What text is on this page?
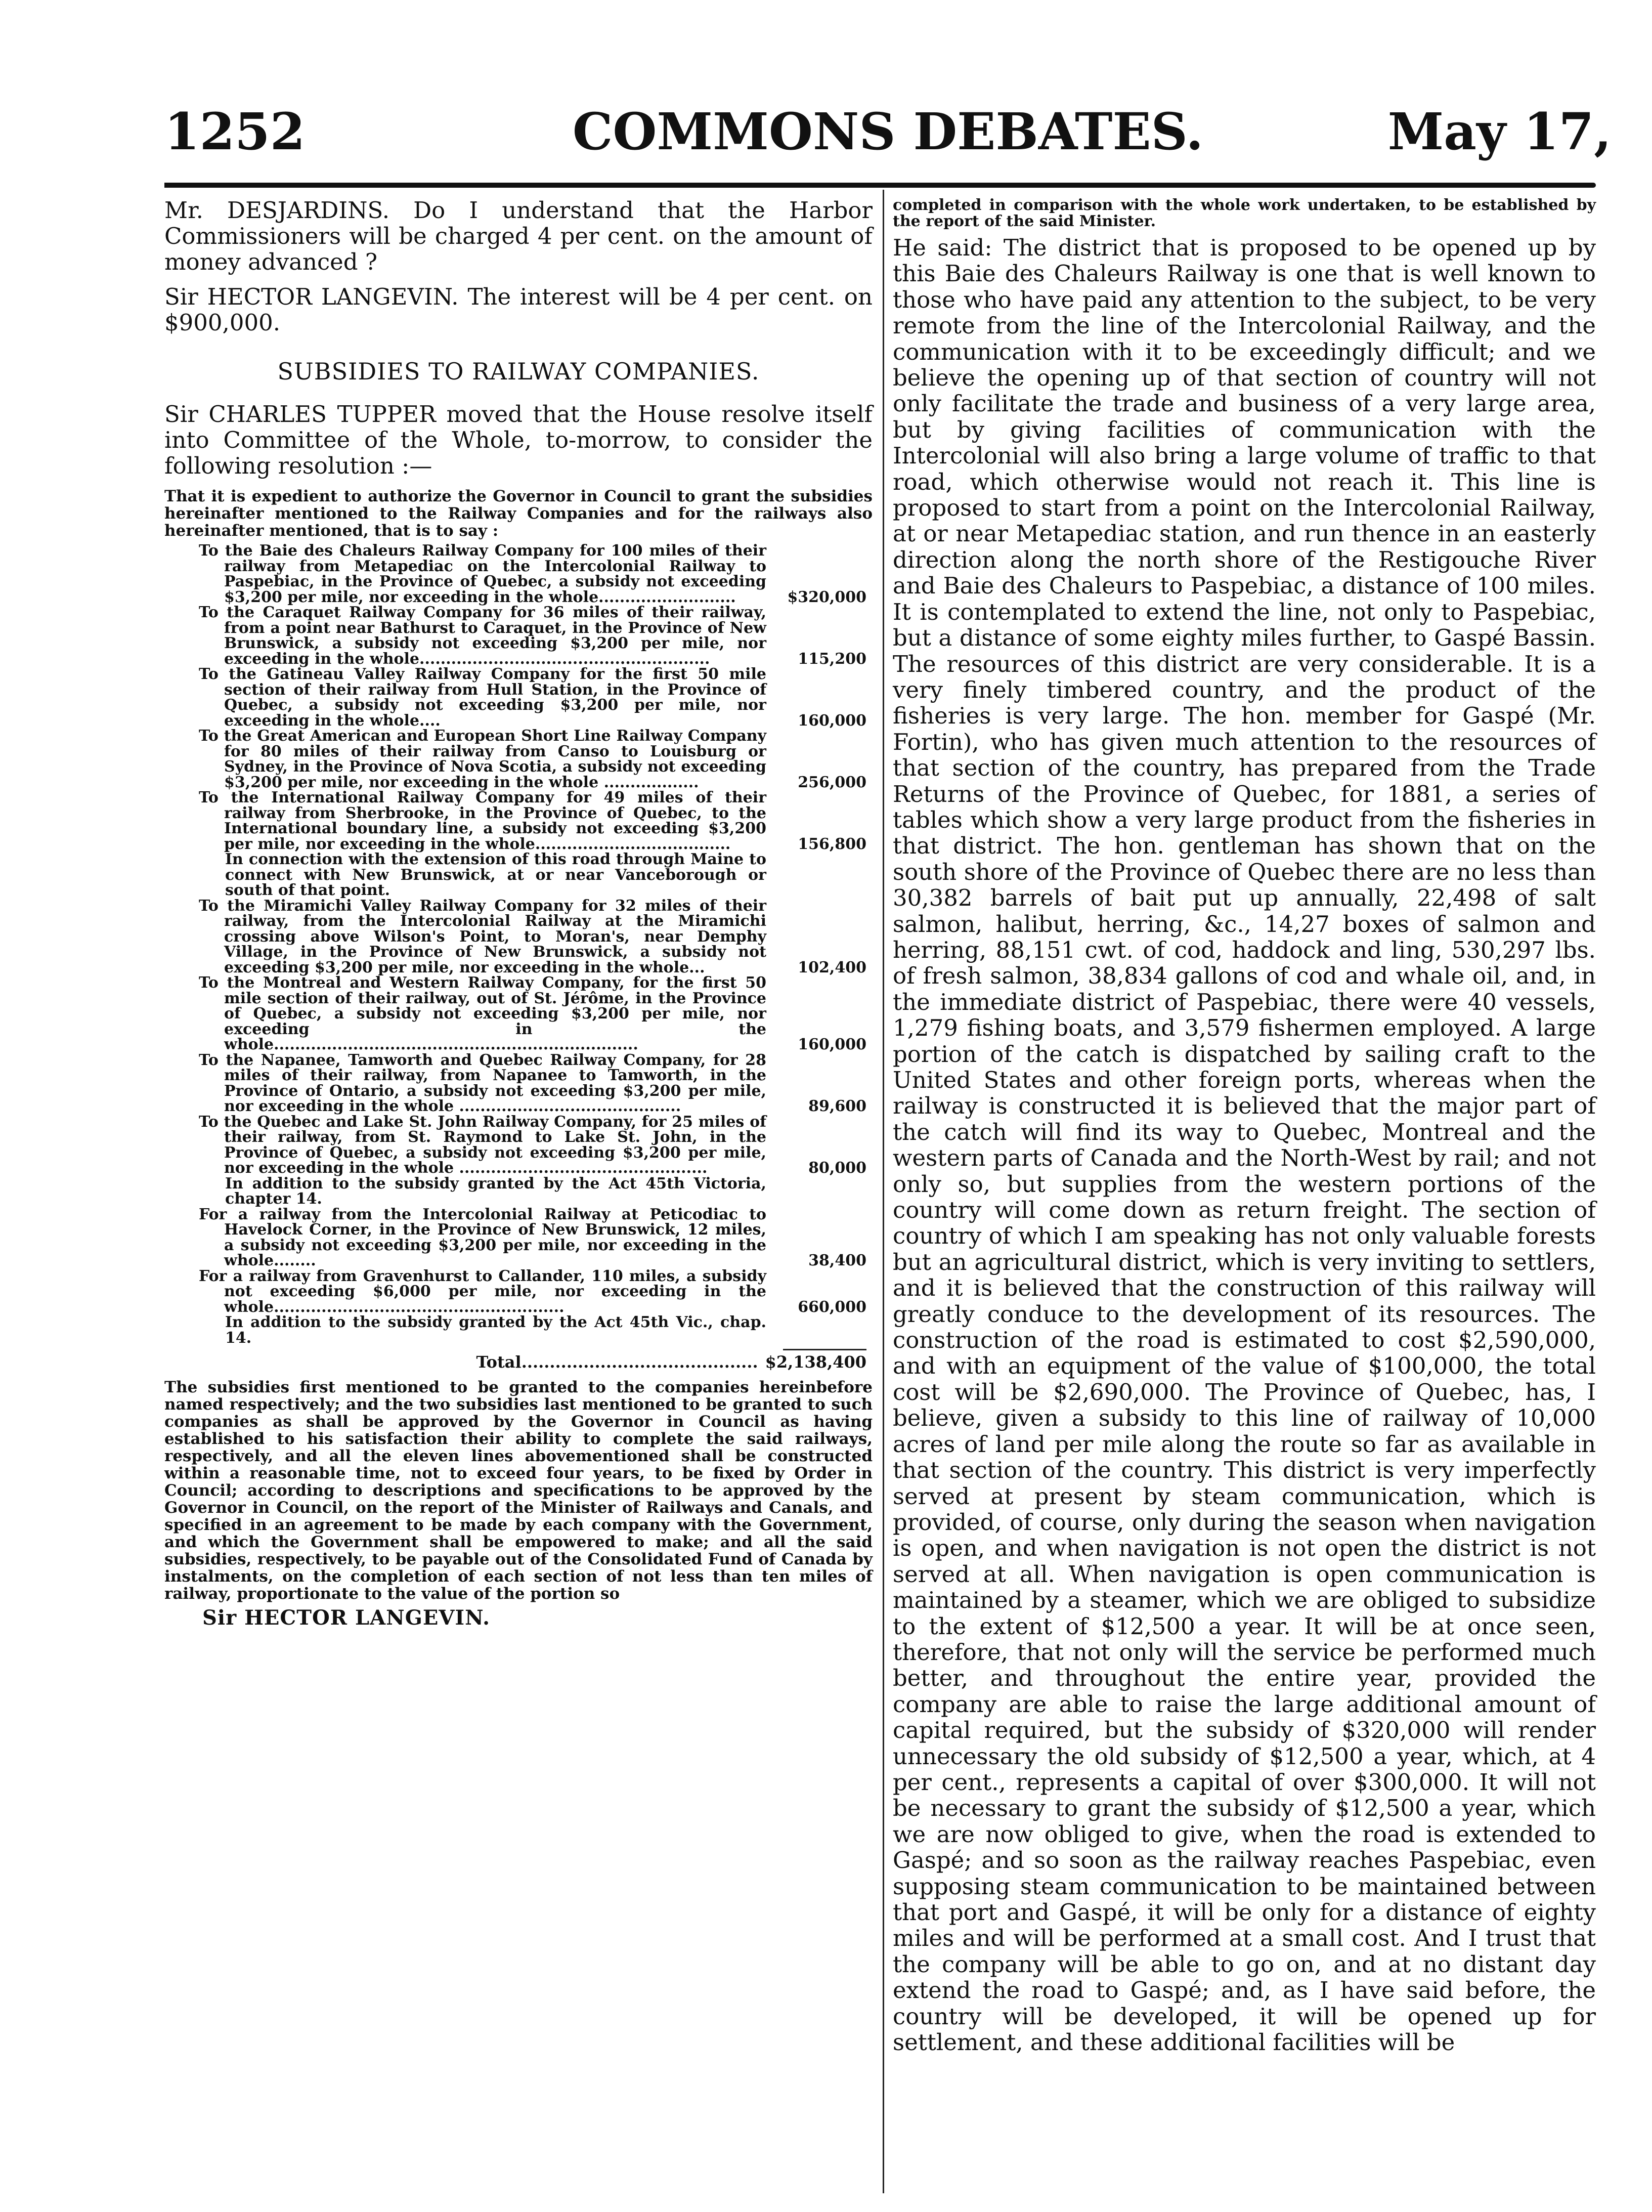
1252	COMMONS DEBATES.	May 17,

Mr. DESJARDINS. Do I understand that the Harbor Commissioners will be charged 4 per cent. on the amount of money advanced ?

Sir HECTOR LANGEVIN. The interest will be 4 per cent. on $900,000.

SUBSIDIES TO RAILWAY COMPANIES.

Sir CHARLES TUPPER moved that the House resolve itself into Committee of the Whole, to-morrow, to consider the following resolution :—

That it is expedient to authorize the Governor in Council to grant the subsidies hereinafter mentioned to the Railway Companies and for the railways also hereinafter mentioned, that is to say :

To the Baie des Chaleurs Railway Company for 100 miles of their railway from Metapediac on the Intercolonial Railway to Paspebiac, in the Province of Quebec, a subsidy not exceeding $3,200 per mile, nor exceeding in the whole..........................	$320,000
To the Caraquet Railway Company for 36 miles of their railway, from a point near Bathurst to Caraquet, in the Province of New Brunswick, a subsidy not exceeding $3,200 per mile, nor exceeding in the whole.......................................................	115,200
To the Gatineau Valley Railway Company for the first 50 mile section of their railway from Hull Station, in the Province of Quebec, a subsidy not exceeding $3,200 per mile, nor exceeding in the whole....	160,000
To the Great American and European Short Line Railway Company for 80 miles of their railway from Canso to Louisburg or Sydney, in the Province of Nova Scotia, a subsidy not exceeding $3,200 per mile, nor exceeding in the whole ..................	256,000
To the International Railway Company for 49 miles of their railway from Sherbrooke, in the Province of Quebec, to the International boundary line, a subsidy not exceeding $3,200 per mile, nor exceeding in the whole.....................................	156,800
In connection with the extension of this road through Maine to connect with New Brunswick, at or near Vanceborough or south of that point.
To the Miramichi Valley Railway Company for 32 miles of their railway, from the Intercolonial Railway at the Miramichi crossing above Wilson's Point, to Moran's, near Demphy Village, in the Province of New Brunswick, a subsidy not exceeding $3,200 per mile, nor exceeding in the whole...	102,400
To the Montreal and Western Railway Company, for the first 50 mile section of their railway, out of St. Jérôme, in the Province of Quebec, a subsidy not exceeding $3,200 per mile, nor exceeding in the whole.....................................................................	160,000
To the Napanee, Tamworth and Quebec Railway Company, for 28 miles of their railway, from Napanee to Tamworth, in the Province of Ontario, a subsidy not exceeding $3,200 per mile, nor exceeding in the whole ..........................................	89,600
To the Quebec and Lake St. John Railway Company, for 25 miles of their railway, from St. Raymond to Lake St. John, in the Province of Quebec, a subsidy not exceeding $3,200 per mile, nor exceeding in the whole ...............................................	80,000
In addition to the subsidy granted by the Act 45th Victoria, chapter 14.
For a railway from the Intercolonial Railway at Peticodiac to Havelock Corner, in the Province of New Brunswick, 12 miles, a subsidy not exceeding $3,200 per mile, nor exceeding in the whole........	38,400
For a railway from Gravenhurst to Callander, 110 miles, a subsidy not exceeding $6,000 per mile, nor exceeding in the whole.......................................................	660,000
In addition to the subsidy granted by the Act 45th Vic., chap. 14.
Total.......................................... $2,138,400

The subsidies first mentioned to be granted to the companies hereinbefore named respectively; and the two subsidies last mentioned to be granted to such companies as shall be approved by the Governor in Council as having established to his satisfaction their ability to complete the said railways, respectively, and all the eleven lines abovementioned shall be constructed within a reasonable time, not to exceed four years, to be fixed by Order in Council; according to descriptions and specifications to be approved by the Governor in Council, on the report of the Minister of Railways and Canals, and specified in an agreement to be made by each company with the Government, and which the Government shall be empowered to make; and all the said subsidies, respectively, to be payable out of the Consolidated Fund of Canada by instalments, on the completion of each section of not less than ten miles of railway, proportionate to the value of the portion so

Sir HECTOR LANGEVIN.

completed in comparison with the whole work undertaken, to be established by the report of the said Minister.

He said: The district that is proposed to be opened up by this Baie des Chaleurs Railway is one that is well known to those who have paid any attention to the subject, to be very remote from the line of the Intercolonial Railway, and the communication with it to be exceedingly difficult; and we believe the opening up of that section of country will not only facilitate the trade and business of a very large area, but by giving facilities of communication with the Intercolonial will also bring a large volume of traffic to that road, which otherwise would not reach it. This line is proposed to start from a point on the Intercolonial Railway, at or near Metapediac station, and run thence in an easterly direction along the north shore of the Restigouche River and Baie des Chaleurs to Paspebiac, a distance of 100 miles. It is contemplated to extend the line, not only to Paspebiac, but a distance of some eighty miles further, to Gaspé Bassin. The resources of this district are very considerable. It is a very finely timbered country, and the product of the fisheries is very large. The hon. member for Gaspé (Mr. Fortin), who has given much attention to the resources of that section of the country, has prepared from the Trade Returns of the Province of Quebec, for 1881, a series of tables which show a very large product from the fisheries in that district. The hon. gentleman has shown that on the south shore of the Province of Quebec there are no less than 30,382 barrels of bait put up annually, 22,498 of salt salmon, halibut, herring, &c., 14,27 boxes of salmon and herring, 88,151 cwt. of cod, haddock and ling, 530,297 lbs. of fresh salmon, 38,834 gallons of cod and whale oil, and, in the immediate district of Paspebiac, there were 40 vessels, 1,279 fishing boats, and 3,579 fishermen employed. A large portion of the catch is dispatched by sailing craft to the United States and other foreign ports, whereas when the railway is constructed it is believed that the major part of the catch will find its way to Quebec, Montreal and the western parts of Canada and the North-West by rail; and not only so, but supplies from the western portions of the country will come down as return freight. The section of country of which I am speaking has not only valuable forests but an agricultural district, which is very inviting to settlers, and it is believed that the construction of this railway will greatly conduce to the development of its resources. The construction of the road is estimated to cost $2,590,000, and with an equipment of the value of $100,000, the total cost will be $2,690,000. The Province of Quebec, has, I believe, given a subsidy to this line of railway of 10,000 acres of land per mile along the route so far as available in that section of the country. This district is very imperfectly served at present by steam communication, which is provided, of course, only during the season when navigation is open, and when navigation is not open the district is not served at all. When navigation is open communication is maintained by a steamer, which we are obliged to subsidize to the extent of $12,500 a year. It will be at once seen, therefore, that not only will the service be performed much better, and throughout the entire year, provided the company are able to raise the large additional amount of capital required, but the subsidy of $320,000 will render unnecessary the old subsidy of $12,500 a year, which, at 4 per cent., represents a capital of over $300,000. It will not be necessary to grant the subsidy of $12,500 a year, which we are now obliged to give, when the road is extended to Gaspé; and so soon as the railway reaches Paspebiac, even supposing steam communication to be maintained between that port and Gaspé, it will be only for a distance of eighty miles and will be performed at a small cost. And I trust that the company will be able to go on, and at no distant day extend the road to Gaspé; and, as I have said before, the country will be developed, it will be opened up for settlement, and these additional facilities will be
